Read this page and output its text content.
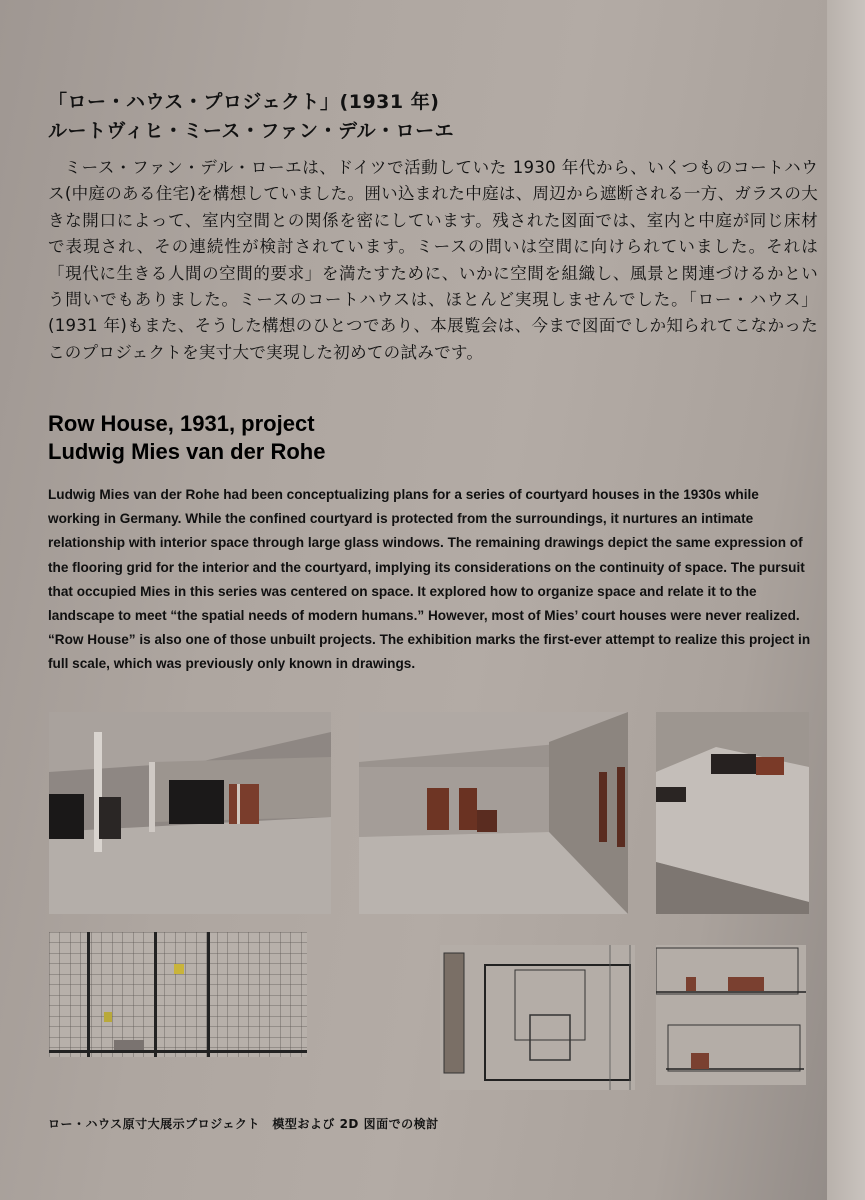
「ロー・ハウス・プロジェクト」(1931 年)
ルートヴィヒ・ミース・ファン・デル・ローエ

ミース・ファン・デル・ローエは、ドイツで活動していた 1930 年代から、いくつものコートハウス(中庭のある住宅)を構想していました。囲い込まれた中庭は、周辺から遮断される一方、ガラスの大きな開口によって、室内空間との関係を密にしています。残された図面では、室内と中庭が同じ床材で表現され、その連続性が検討されています。ミースの問いは空間に向けられていました。それは「現代に生きる人間の空間的要求」を満たすために、いかに空間を組織し、風景と関連づけるかという問いでもありました。ミースのコートハウスは、ほとんど実現しませんでした。「ロー・ハウス」(1931 年)もまた、そうした構想のひとつであり、本展覧会は、今まで図面でしか知られてこなかったこのプロジェクトを実寸大で実現した初めての試みです。

Row House, 1931, project
Ludwig Mies van der Rohe
Ludwig Mies van der Rohe had been conceptualizing plans for a series of courtyard houses in the 1930s while working in Germany. While the confined courtyard is protected from the surroundings, it nurtures an intimate relationship with interior space through large glass windows. The remaining drawings depict the same expression of the flooring grid for the interior and the courtyard, implying its considerations on the continuity of space. The pursuit that occupied Mies in this series was centered on space. It explored how to organize space and relate it to the landscape to meet “the spatial needs of modern humans.” However, most of Mies’ court houses were never realized. “Row House” is also one of those unbuilt projects. The exhibition marks the first-ever attempt to realize this project in full scale, which was previously only known in drawings.
ロー・ハウス原寸大展示プロジェクト　模型および 2D 図面での検討
